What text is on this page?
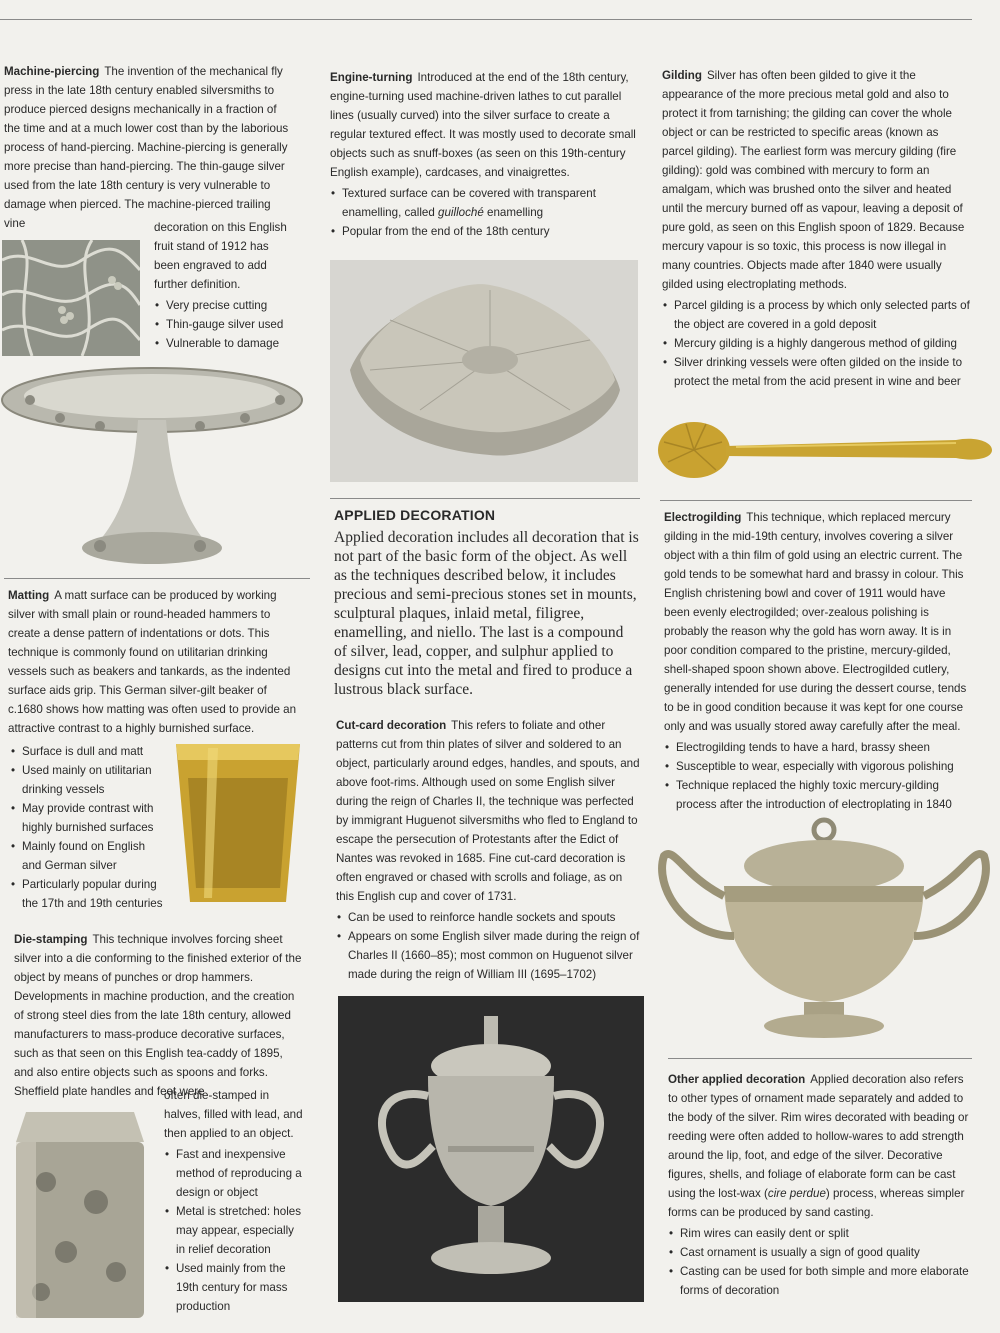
Machine-piercing The invention of the mechanical fly press in the late 18th century enabled silversmiths to produce pierced designs mechanically in a fraction of the time and at a much lower cost than by the laborious process of hand-piercing. Machine-piercing is generally more precise than hand-piercing. The thin-gauge silver used from the late 18th century is very vulnerable to damage when pierced. The machine-pierced trailing vine	decoration on this English fruit stand of 1912 has been engraved to add further definition.

• Very precise cutting
• Thin-gauge silver used
• Vulnerable to damage

Matting A matt surface can be produced by working silver with small plain or round-headed hammers to create a dense pattern of indentations or dots. This technique is commonly found on utilitarian drinking vessels such as beakers and tankards, as the indented surface aids grip. This German silver-gilt beaker of c.1680 shows how matting was often used to provide an attractive contrast to a highly burnished surface.

• Surface is dull and matt
• Used mainly on utilitarian drinking vessels
• May provide contrast with highly burnished surfaces
• Mainly found on English and German silver
• Particularly popular during the 17th and 19th centuries

Die-stamping This technique involves forcing sheet silver into a die conforming to the finished exterior of the object by means of punches or drop hammers. Developments in machine production, and the creation of strong steel dies from the late 18th century, allowed manufacturers to mass-produce decorative surfaces, such as that seen on this English tea-caddy of 1895, and also entire objects such as spoons and forks. Sheffield plate handles and feet were

often die-stamped in halves, filled with lead, and then applied to an object.

• Fast and inexpensive method of reproducing a design or object
• Metal is stretched: holes may appear, especially in relief decoration
• Used mainly from the 19th century for mass production

Engine-turning Introduced at the end of the 18th century, engine-turning used machine-driven lathes to cut parallel lines (usually curved) into the silver surface to create a regular textured effect. It was mostly used to decorate small objects such as snuff-boxes (as seen on this 19th-century English example), cardcases, and vinaigrettes.

• Textured surface can be covered with transparent enamelling, called guilloché enamelling
• Popular from the end of the 18th century
APPLIED DECORATION

Applied decoration includes all decoration that is not part of the basic form of the object. As well as the techniques described below, it includes precious and semi-precious stones set in mounts, sculptural plaques, inlaid metal, filigree, enamelling, and niello. The last is a compound of silver, lead, copper, and sulphur applied to designs cut into the metal and fired to produce a lustrous black surface.

Cut-card decoration This refers to foliate and other patterns cut from thin plates of silver and soldered to an object, particularly around edges, handles, and spouts, and above foot-rims. Although used on some English silver during the reign of Charles II, the technique was perfected by immigrant Huguenot silversmiths who fled to England to escape the persecution of Protestants after the Edict of Nantes was revoked in 1685. Fine cut-card decoration is often engraved or chased with scrolls and foliage, as on this English cup and cover of 1731.

• Can be used to reinforce handle sockets and spouts
• Appears on some English silver made during the reign of Charles II (1660–85); most common on Huguenot silver made during the reign of William III (1695–1702)

Gilding Silver has often been gilded to give it the appearance of the more precious metal gold and also to protect it from tarnishing; the gilding can cover the whole object or can be restricted to specific areas (known as parcel gilding). The earliest form was mercury gilding (fire gilding): gold was combined with mercury to form an amalgam, which was brushed onto the silver and heated until the mercury burned off as vapour, leaving a deposit of pure gold, as seen on this English spoon of 1829. Because mercury vapour is so toxic, this process is now illegal in many countries. Objects made after 1840 were usually gilded using electroplating methods.

• Parcel gilding is a process by which only selected parts of the object are covered in a gold deposit
• Mercury gilding is a highly dangerous method of gilding
• Silver drinking vessels were often gilded on the inside to protect the metal from the acid present in wine and beer

Electrogilding This technique, which replaced mercury gilding in the mid-19th century, involves covering a silver object with a thin film of gold using an electric current. The gold tends to be somewhat hard and brassy in colour. This English christening bowl and cover of 1911 would have been evenly electrogilded; over-zealous polishing is probably the reason why the gold has worn away. It is in poor condition compared to the pristine, mercury-gilded, shell-shaped spoon shown above. Electrogilded cutlery, generally intended for use during the dessert course, tends to be in good condition because it was kept for one course only and was usually stored away carefully after the meal.

• Electrogilding tends to have a hard, brassy sheen
• Susceptible to wear, especially with vigorous polishing
• Technique replaced the highly toxic mercury-gilding process after the introduction of electroplating in 1840

Other applied decoration Applied decoration also refers to other types of ornament made separately and added to the body of the silver. Rim wires decorated with beading or reeding were often added to hollow-wares to add strength around the lip, foot, and edge of the silver. Decorative figures, shells, and foliage of elaborate form can be cast using the lost-wax (cire perdue) process, whereas simpler forms can be produced by sand casting.

• Rim wires can easily dent or split
• Cast ornament is usually a sign of good quality
• Casting can be used for both simple and more elaborate forms of decoration
